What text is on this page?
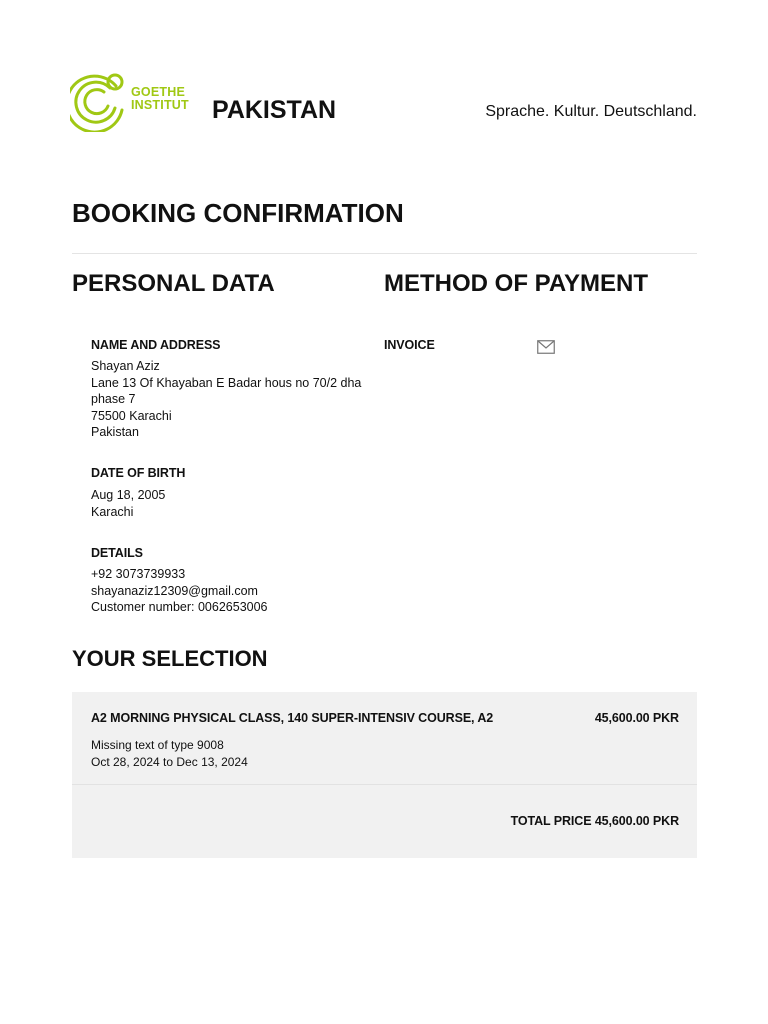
GOETHE
INSTITUT PAKISTAN	Sprache. Kultur. Deutschland.
BOOKING CONFIRMATION
PERSONAL DATA	METHOD OF PAYMENT
NAME AND ADDRESS
Shayan Aziz
Lane 13 Of Khayaban E Badar hous no 70/2 dha
phase 7
75500 Karachi
Pakistan
DATE OF BIRTH
Aug 18, 2005
Karachi
DETAILS
+92 3073739933
shayanaziz12309@gmail.com
Customer number: 0062653006
INVOICE
YOUR SELECTION
A2 MORNING PHYSICAL CLASS, 140 SUPER-INTENSIV COURSE, A2	45,600.00 PKR
Missing text of type 9008
Oct 28, 2024 to Dec 13, 2024
TOTAL PRICE 45,600.00 PKR
